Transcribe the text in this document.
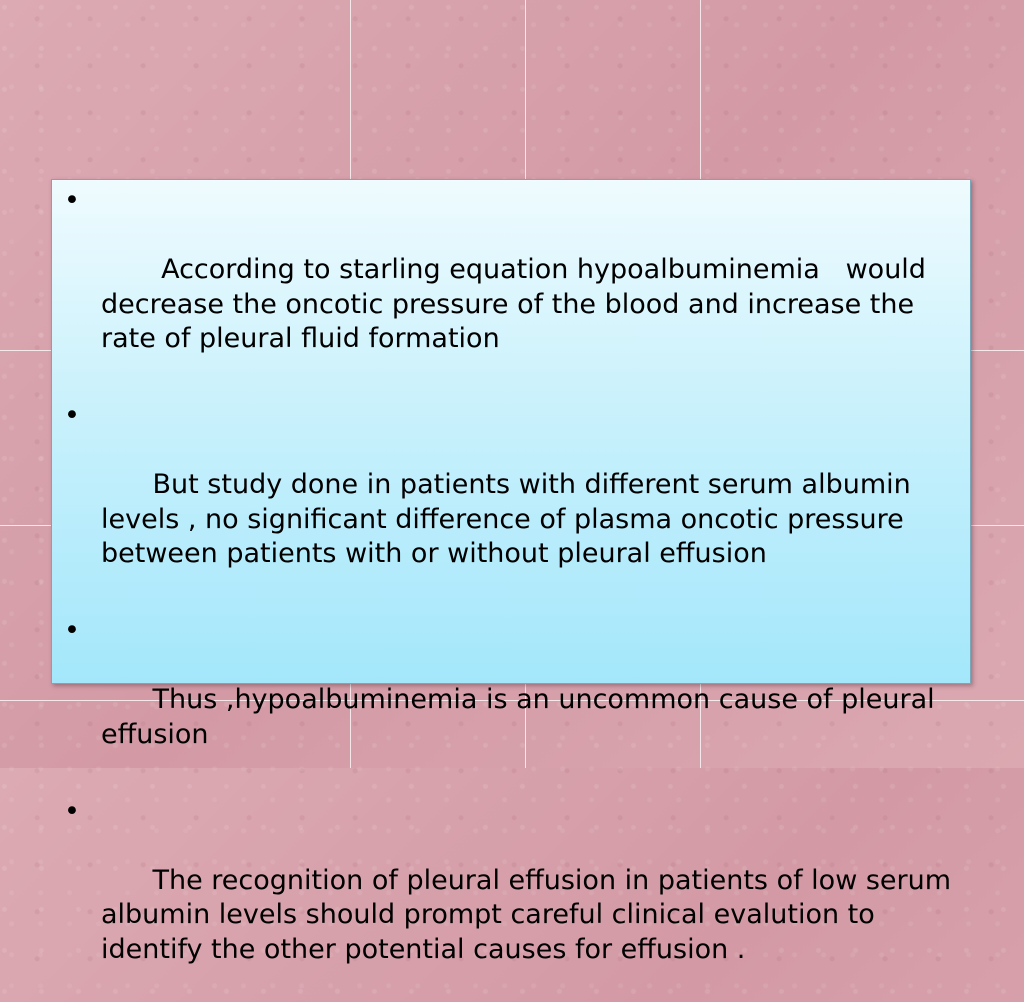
•

According to starling equation hypoalbuminemia   would decrease the oncotic pressure of the blood and increase the rate of pleural fluid formation

•

But study done in patients with different serum albumin levels , no significant difference of plasma oncotic pressure between patients with or without pleural effusion

•

Thus ,hypoalbuminemia is an uncommon cause of pleural effusion

•

The recognition of pleural effusion in patients of low serum albumin levels should prompt careful clinical evalution to identify the other potential causes for effusion .
